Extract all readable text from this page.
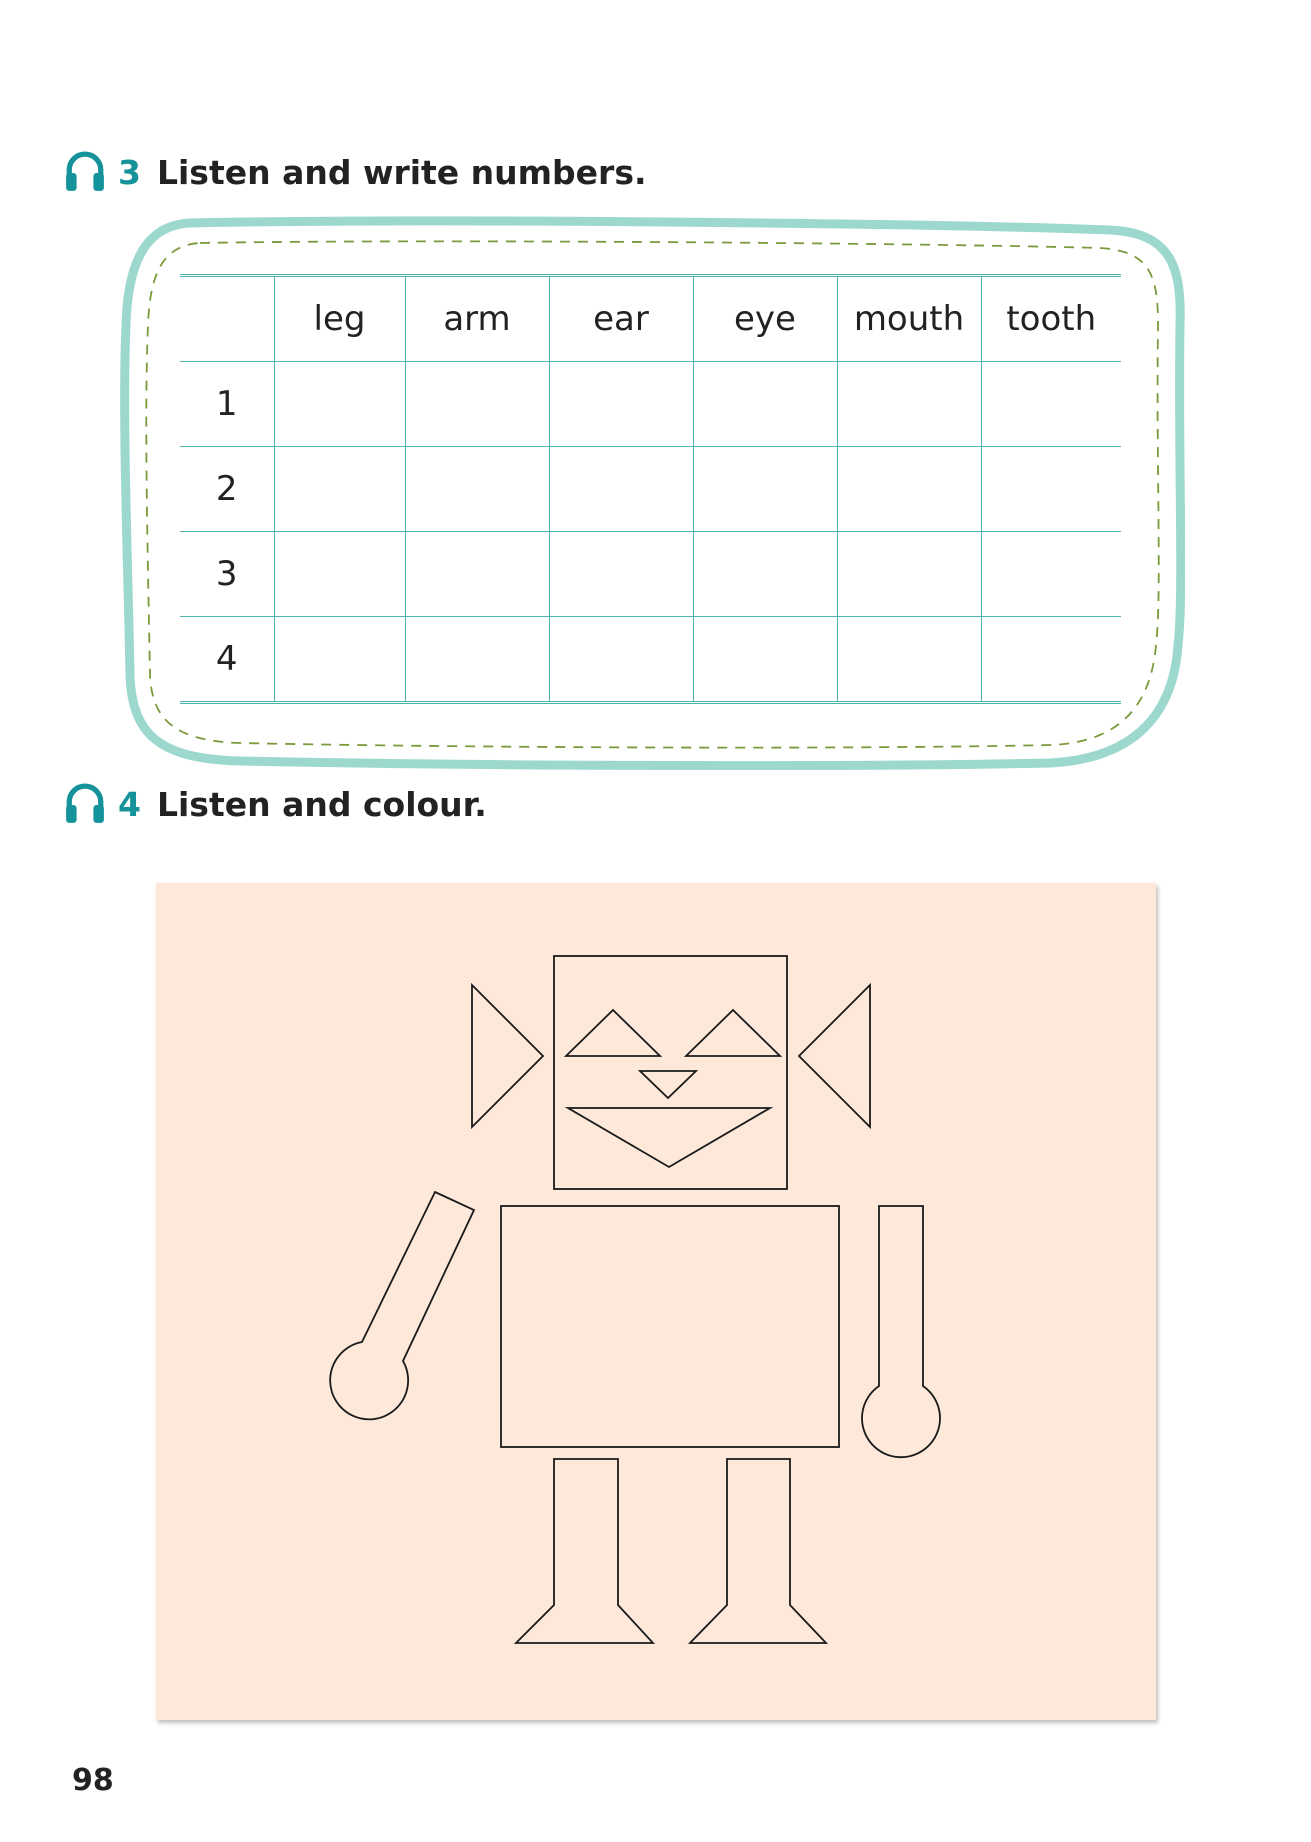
3 Listen and write numbers.
	leg	arm	ear	eye	mouth	tooth
1						
2						
3						
4						
4 Listen and colour.
98
